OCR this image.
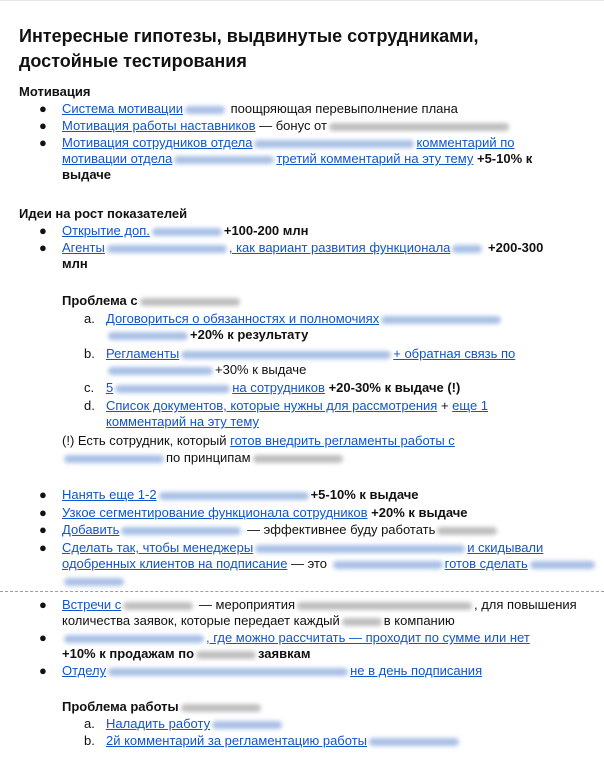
Интересные гипотезы, выдвинутые сотрудниками,
достойные тестирования
Мотивация
● Система мотивации	поощряющая перевыполнение плана
● Мотивация работы наставников — бонус от
● Мотивация сотрудников отдела	комментарий по
мотивации отдела	третий комментарий на эту тему +5-10% к
выдаче
Идеи на рост показателей
● Открытие доп.	+100-200 млн
● Агенты	, как вариант развития функционала	+200-300
млн
Проблема с
a. Договориться о обязанностях и полномочиях
+20% к результату
b. Регламенты	+ обратная связь по
+30% к выдаче
c. 5	на сотрудников +20-30% к выдаче (!)
d. Список документов, которые нужны для рассмотрения + еще 1
комментарий на эту тему
(!) Есть сотрудник, который готов внедрить регламенты работы с
по принципам
● Нанять еще 1-2	+5-10% к выдаче
● Узкое сегментирование функционала сотрудников +20% к выдаче
● Добавить	— эффективнее буду работать
● Сделать так, чтобы менеджеры	и скидывали
одобренных клиентов на подписание — это	готов сделать
● Встречи с	— мероприятия	, для повышения
количества заявок, которые передает каждый	в компанию
●	, где можно рассчитать — проходит по сумме или нет
+10% к продажам по	заявкам
● Отделу	не в день подписания
Проблема работы
a. Наладить работу
b. 2й комментарий за регламентацию работы
